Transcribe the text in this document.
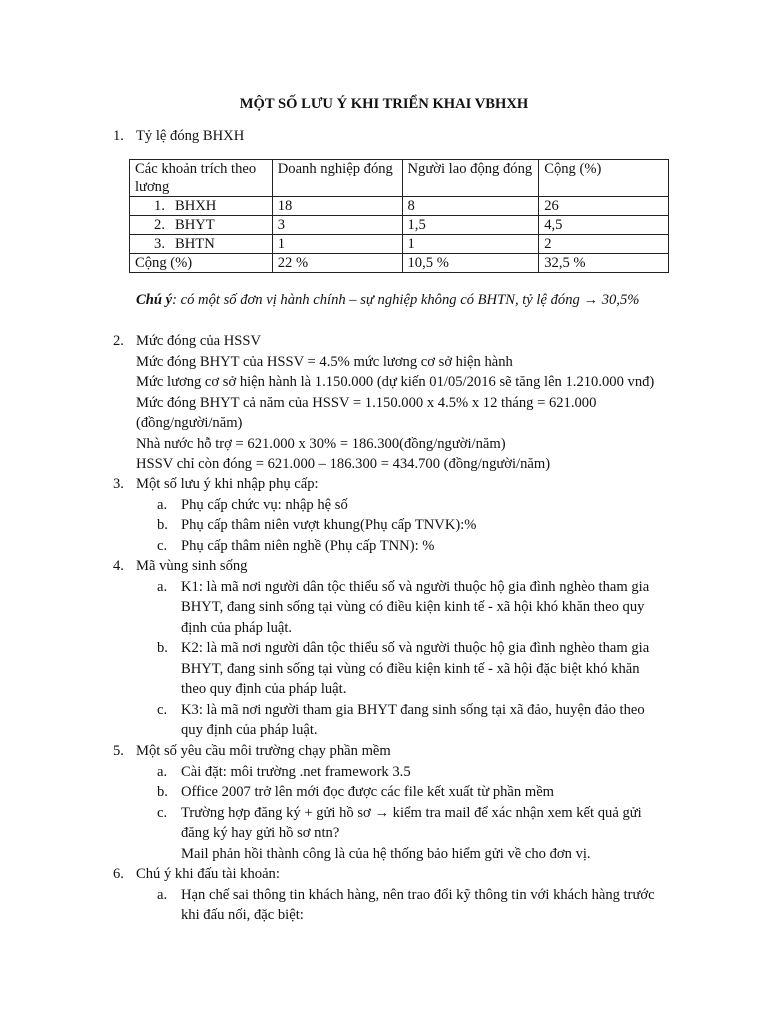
MỘT SỐ LƯU Ý KHI TRIỂN KHAI VBHXH
1. Tỷ lệ đóng BHXH
Các khoản trích theo lương	Doanh nghiệp đóng	Người lao động đóng	Cộng (%)
1. BHXH	18	8	26
2. BHYT	3	1,5	4,5
3. BHTN	1	1	2
Cộng (%)	22 %	10,5 %	32,5 %
Chú ý: có một số đơn vị hành chính – sự nghiệp không có BHTN, tỷ lệ đóng → 30,5%
2. Mức đóng của HSSV
Mức đóng BHYT của HSSV = 4.5% mức lương cơ sở hiện hành
Mức lương cơ sở hiện hành là 1.150.000 (dự kiến 01/05/2016 sẽ tăng lên 1.210.000 vnđ)
Mức đóng BHYT cả năm của HSSV = 1.150.000 x 4.5% x 12 tháng = 621.000
(đồng/người/năm)
Nhà nước hỗ trợ = 621.000 x 30% = 186.300(đồng/người/năm)
HSSV chỉ còn đóng = 621.000 – 186.300 = 434.700 (đồng/người/năm)
3. Một số lưu ý khi nhập phụ cấp:
a. Phụ cấp chức vụ: nhập hệ số
b. Phụ cấp thâm niên vượt khung(Phụ cấp TNVK):%
c. Phụ cấp thâm niên nghề (Phụ cấp TNN): %
4. Mã vùng sinh sống
a. K1: là mã nơi người dân tộc thiểu số và người thuộc hộ gia đình nghèo tham gia
BHYT, đang sinh sống tại vùng có điều kiện kinh tế - xã hội khó khăn theo quy
định của pháp luật.
b. K2: là mã nơi người dân tộc thiểu số và người thuộc hộ gia đình nghèo tham gia
BHYT, đang sinh sống tại vùng có điều kiện kinh tế - xã hội đặc biệt khó khăn
theo quy định của pháp luật.
c. K3: là mã nơi người tham gia BHYT đang sinh sống tại xã đảo, huyện đảo theo
quy định của pháp luật.
5. Một số yêu cầu môi trường chạy phần mềm
a. Cài đặt: môi trường .net framework 3.5
b. Office 2007 trở lên mới đọc được các file kết xuất từ phần mềm
c. Trường hợp đăng ký + gửi hồ sơ → kiểm tra mail để xác nhận xem kết quả gửi
đăng ký hay gửi hồ sơ ntn?
Mail phản hồi thành công là của hệ thống bảo hiểm gửi về cho đơn vị.
6. Chú ý khi đấu tài khoản:
a. Hạn chế sai thông tin khách hàng, nên trao đổi kỹ thông tin với khách hàng trước
khi đấu nối, đặc biệt:
